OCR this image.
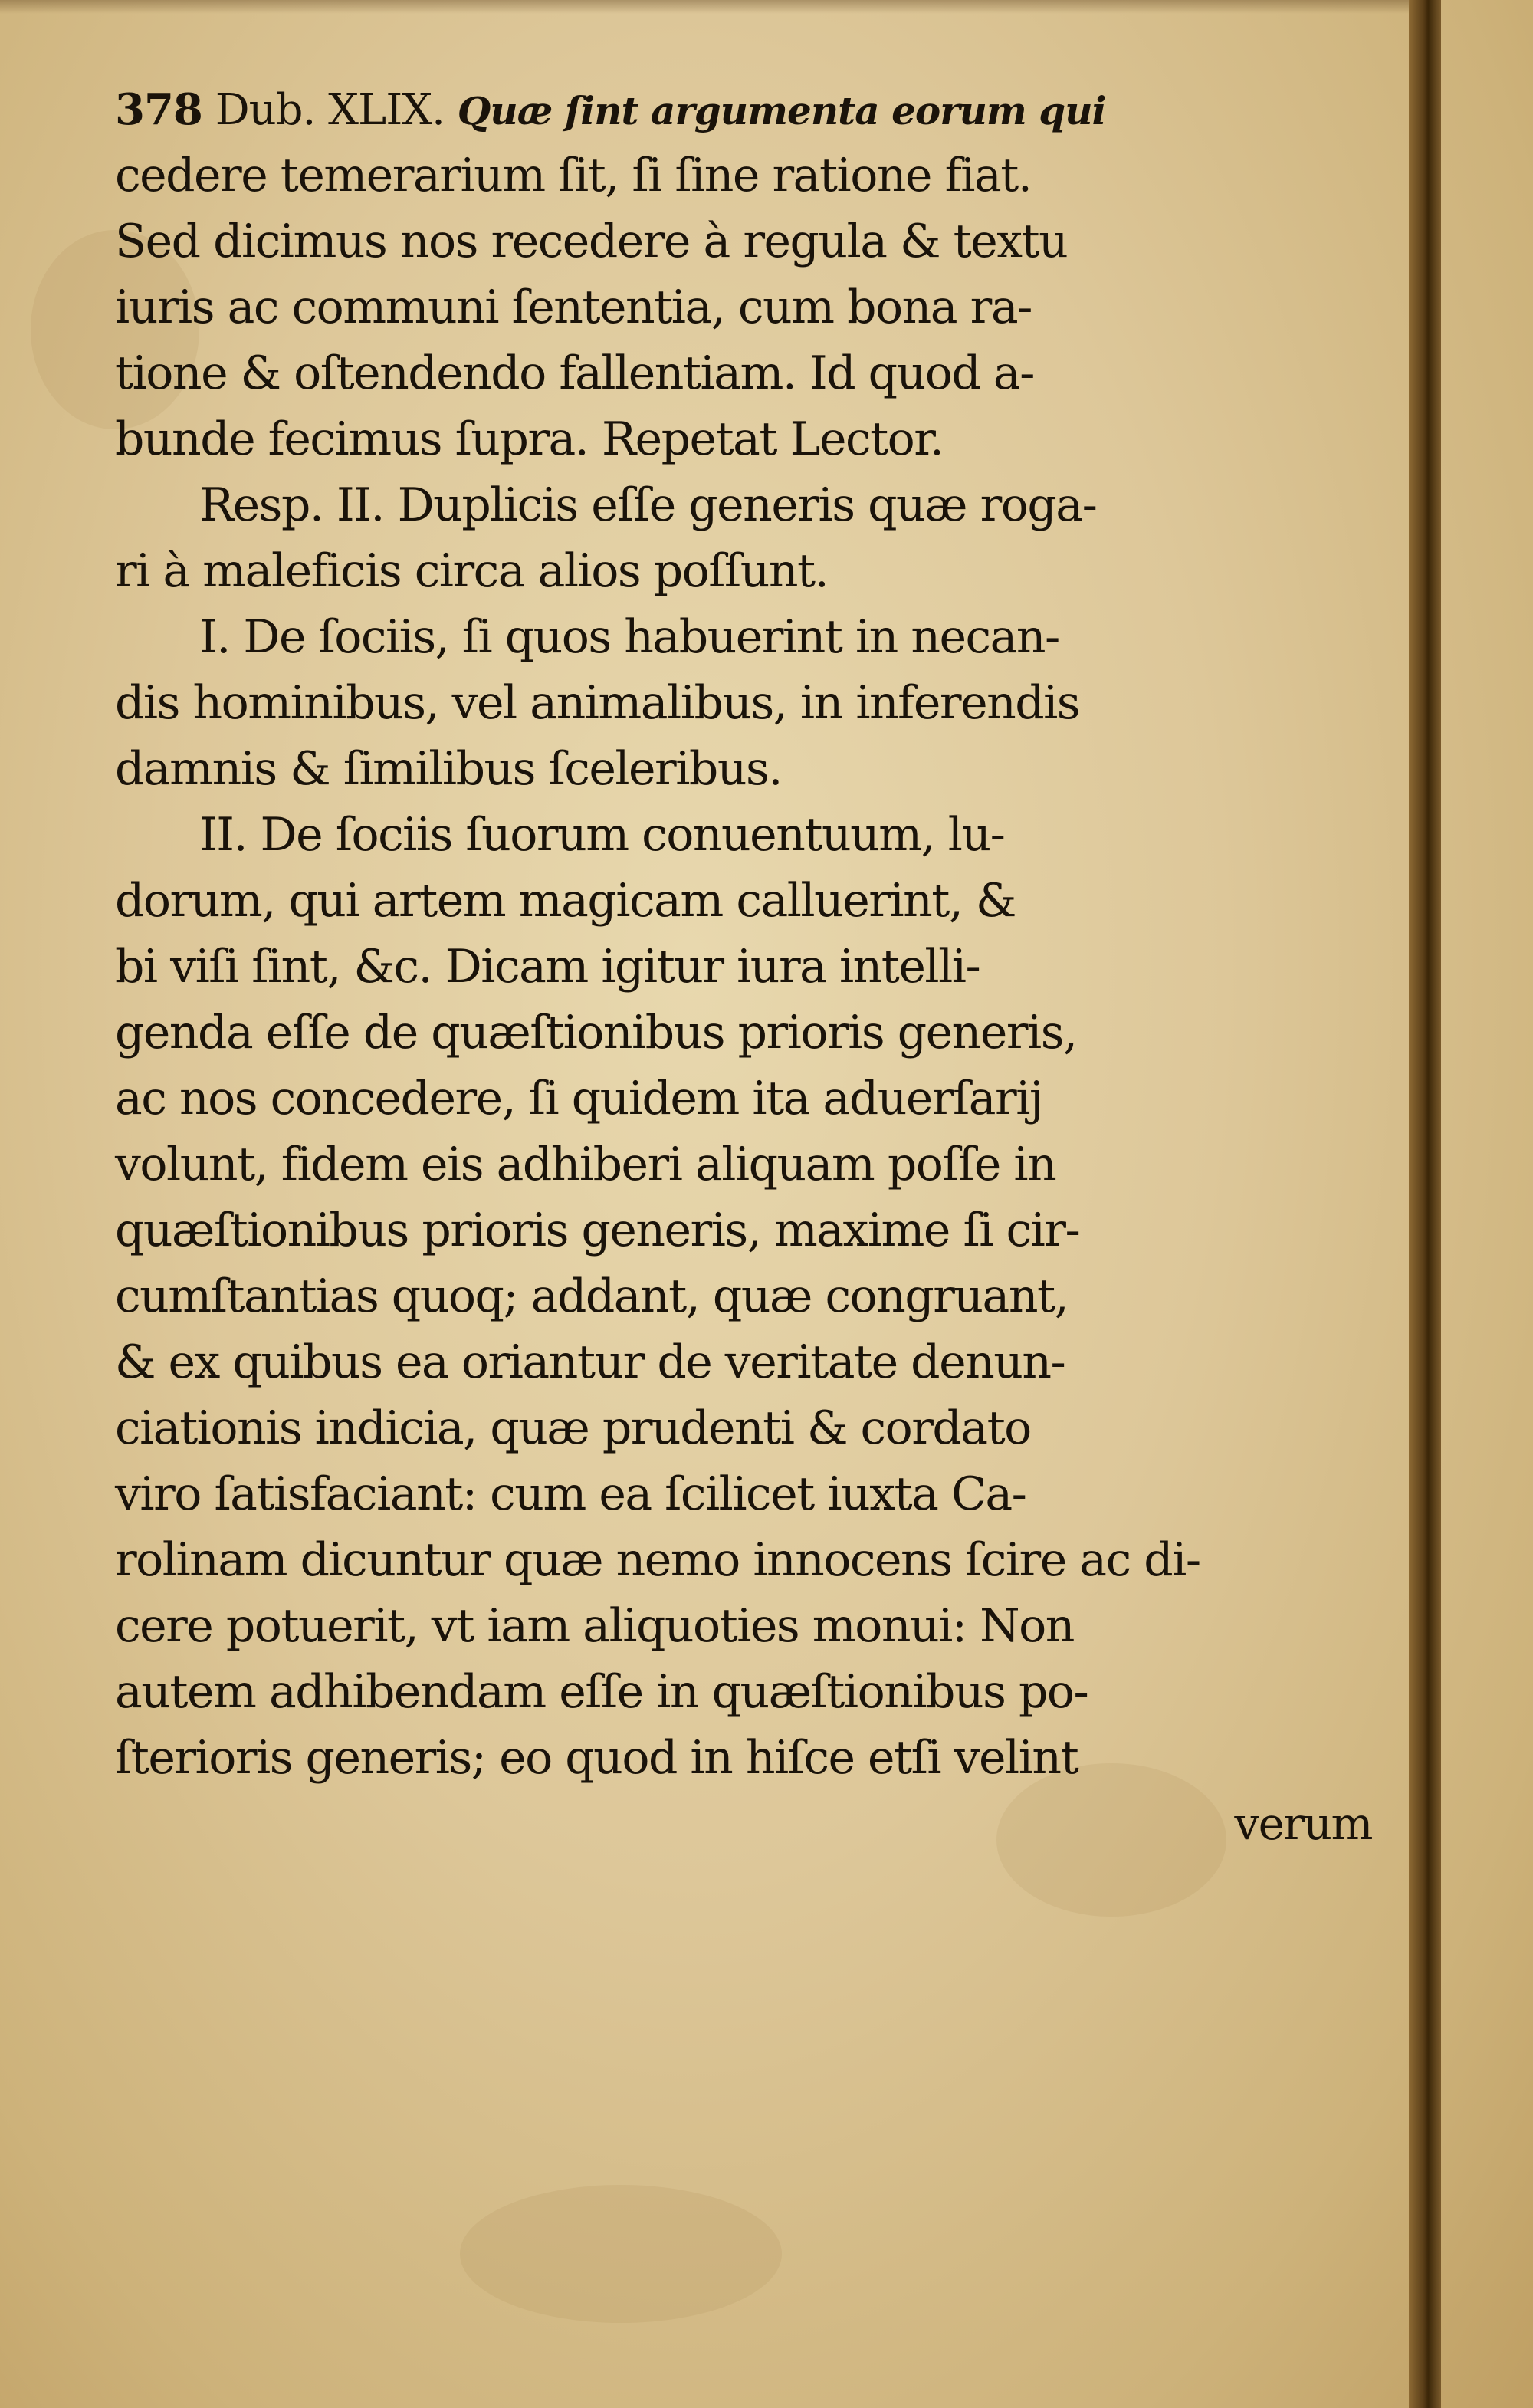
378 Dub. XLIX. Quæ ſint argumenta eorum qui
cedere temerarium ſit, ſi ſine ratione fiat.
Sed dicimus nos recedere à regula & textu
iuris ac communi ſententia, cum bona ra-
tione & oſtendendo fallentiam. Id quod a-
bunde fecimus ſupra. Repetat Lector.
Resp. II. Duplicis eſſe generis quæ roga-
ri à maleficis circa alios poſſunt.
I. De ſociis, ſi quos habuerint in necan-
dis hominibus, vel animalibus, in inferendis
damnis & ſimilibus ſceleribus.
II. De ſociis ſuorum conuentuum, lu-
dorum, qui artem magicam calluerint, &
bi viſi ſint, &c. Dicam igitur iura intelli-
genda eſſe de quæſtionibus prioris generis,
ac nos concedere, ſi quidem ita aduerſarij
volunt, fidem eis adhiberi aliquam poſſe in
quæſtionibus prioris generis, maxime ſi cir-
cumſtantias quoq; addant, quæ congruant,
& ex quibus ea oriantur de veritate denun-
ciationis indicia, quæ prudenti & cordato
viro ſatisfaciant: cum ea ſcilicet iuxta Ca-
rolinam dicuntur quæ nemo innocens ſcire ac di-
cere potuerit, vt iam aliquoties monui: Non
autem adhibendam eſſe in quæſtionibus po-
ſterioris generis; eo quod in hiſce etſi velint
verum
